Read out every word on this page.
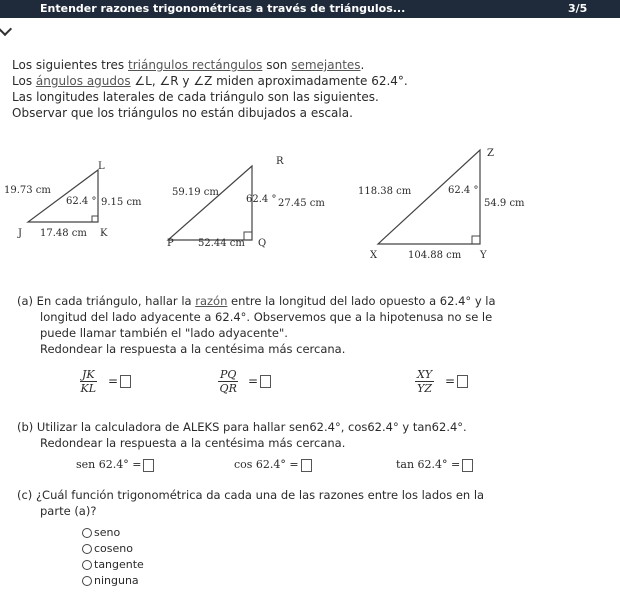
Entender razones trigonométricas a través de triángulos...	3/5
Los siguientes tres triángulos rectángulos son semejantes.
Los ángulos agudos ∠L, ∠R y ∠Z miden aproximadamente 62.4°.
Las longitudes laterales de cada triángulo son las siguientes.
Observar que los triángulos no están dibujados a escala.
L
J	K
19.73 cm
9.15 cm
17.48 cm
62.4 °
R
P	Q
59.19 cm
27.45 cm
52.44 cm
62.4 °
Z
X	Y
118.38 cm
54.9 cm
104.88 cm
62.4 °
(a) En cada triángulo, hallar la razón entre la longitud del lado opuesto a 62.4° y la
longitud del lado adyacente a 62.4°. Observemos que a la hipotenusa no se le
puede llamar también el "lado adyacente".
Redondear la respuesta a la centésima más cercana.
$\frac{JK}{KL}$ =	$\frac{PQ}{QR}$ =	$\frac{XY}{YZ}$ =
(b) Utilizar la calculadora de ALEKS para hallar sen62.4°, cos62.4° y tan62.4°.
Redondear la respuesta a la centésima más cercana.
sen 62.4° =	cos 62.4° =	tan 62.4° =
(c) ¿Cuál función trigonométrica da cada una de las razones entre los lados en la
parte (a)?
seno
coseno
tangente
ninguna
